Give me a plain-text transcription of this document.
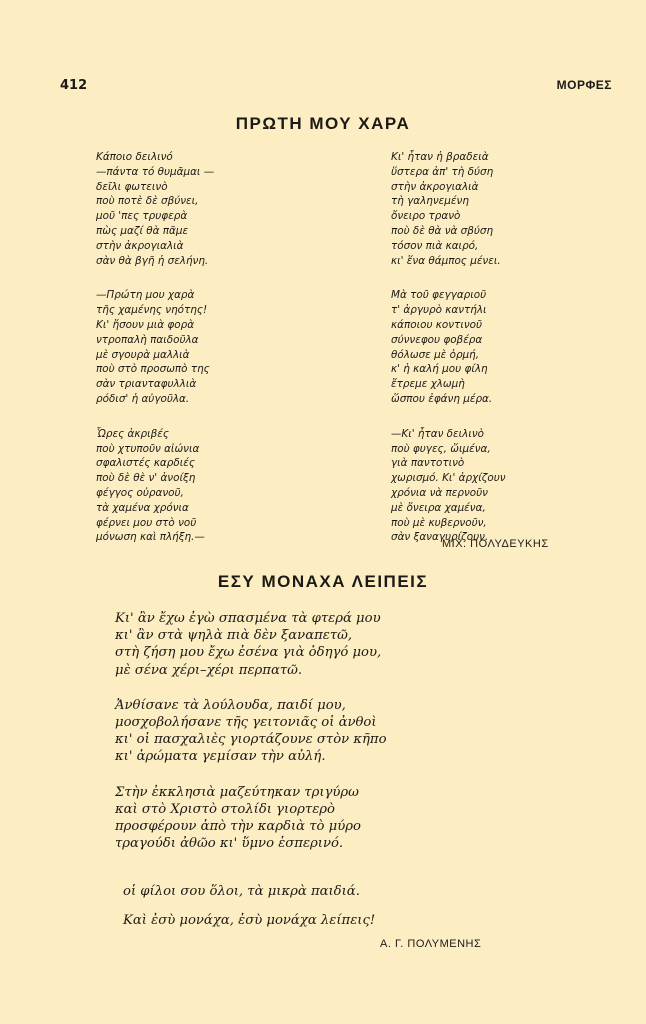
412	ΜΟΡΦΕΣ
ΠΡΩΤΗ ΜΟΥ ΧΑΡΑ
Κάποιο δειλινό
—πάντα τό θυμᾶμαι —
δεῖλι φωτεινὸ
ποὺ ποτὲ δὲ σβύνει,
μοῦ 'πες τρυφερὰ
πὼς μαζί θὰ πᾶμε
στὴν ἀκρογιαλιὰ
σὰν θὰ βγῆ ἡ σελήνη.
—Πρώτη μου χαρὰ
τῆς χαμένης νηότης!
Κι' ἤσουν μιὰ φορὰ
ντροπαλὴ παιδοῦλα
μὲ σγουρὰ μαλλιὰ
ποὺ στὸ προσωπὸ της
σὰν τριανταφυλλιὰ
ρόδισ' ἡ αὐγοῦλα.
Ὧρες ἀκριβές
ποὺ χτυποῦν αἰώνια
σφαλιστές καρδιές
ποὺ δὲ θὲ ν' ἀνοίξη
φέγγος οὐρανοῦ,
τὰ χαμένα χρόνια
φέρνει μου στὸ νοῦ
μόνωση καὶ πλήξη.—
Κι' ἦταν ἡ βραδειὰ
ὕστερα ἀπ' τὴ δύση
στὴν ἀκρογιαλιὰ
τὴ γαληνεμένη
ὄνειρο τρανὸ
ποὺ δὲ θὰ νὰ σβύση
τόσον πιὰ καιρό,
κι' ἕνα θάμπος μένει.
Μὰ τοῦ φεγγαριοῦ
τ' ἀργυρὸ καντήλι
κάποιου κοντινοῦ
σύννεφου φοβέρα
θόλωσε μὲ ὁρμή,
κ' ἡ καλή μου φίλη
ἔτρεμε χλωμὴ
ὥσπου ἐφάνη μέρα.
—Κι' ἦταν δειλινὸ
ποὺ φυγες, ὤιμένα,
γιὰ παντοτινὸ
χωρισμό. Κι' ἀρχίζουν
χρόνια νὰ περνοῦν
μὲ ὄνειρα χαμένα,
ποὺ μὲ κυβερνοῦν,
σὰν ξαναγυρίζουν.
ΜΙΧ. ΠΟΛΥΔΕΥΚΗΣ
ΕΣΥ ΜΟΝΑΧΑ ΛΕΙΠΕΙΣ
Κι' ἂν ἔχω ἐγὼ σπασμένα τὰ φτερά μου
κι' ἂν στὰ ψηλὰ πιὰ δὲν ξαναπετῶ,
στὴ ζήση μου ἔχω ἐσένα γιὰ ὁδηγό μου,
μὲ σένα χέρι–χέρι περπατῶ.
Ἀνθίσανε τὰ λούλουδα, παιδί μου,
μοσχοβολήσανε τῆς γειτονιᾶς οἱ ἀνθοὶ
κι' οἱ πασχαλιὲς γιορτάζουνε στὸν κῆπο
κι' ἀρώματα γεμίσαν τὴν αὐλή.
Στὴν ἐκκλησιὰ μαζεύτηκαν τριγύρω
καὶ στὸ Χριστὸ στολίδι γιορτερὸ
προσφέρουν ἀπὸ τὴν καρδιὰ τὸ μύρο
τραγούδι ἀθῶο κι' ὕμνο ἑσπερινό.
οἱ φίλοι σου ὅλοι, τὰ μικρὰ παιδιά.
Καὶ ἐσὺ μονάχα, ἐσὺ μονάχα λείπεις!
Α. Γ. ΠΟΛΥΜΕΝΗΣ
